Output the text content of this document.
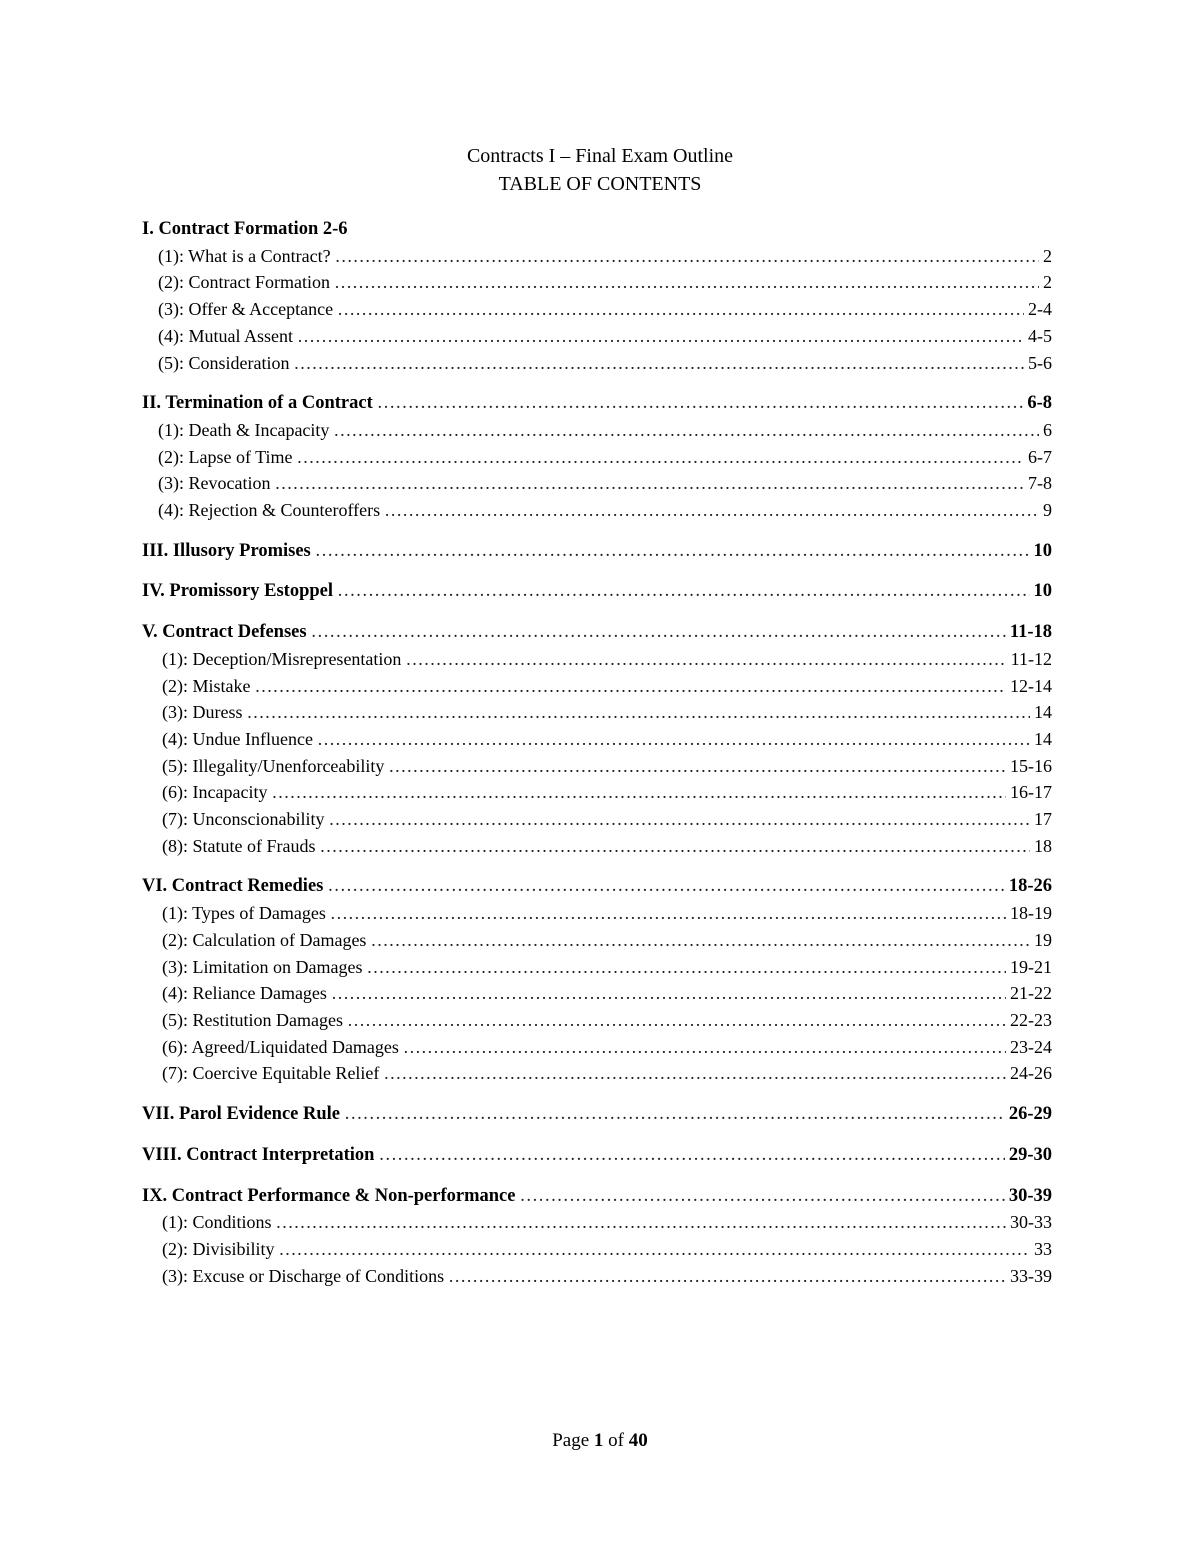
Contracts I – Final Exam Outline
TABLE OF CONTENTS
I. Contract Formation 2-6
(1): What is a Contract? …………………………………………………………………………………………………………………………………………………………………………………	2
(2): Contract Formation …………………………………………………………………………………………………………………………………………………………………………………	2
(3): Offer & Acceptance …………………………………………………………………………………………………………………………………………………………………………………	2-4
(4): Mutual Assent …………………………………………………………………………………………………………………………………………………………………………………	4-5
(5): Consideration …………………………………………………………………………………………………………………………………………………………………………………	5-6
II. Termination of a Contract …………………………………………………………………………………………………………………………………………………………………………………	6-8
(1): Death & Incapacity …………………………………………………………………………………………………………………………………………………………………………………	6
(2): Lapse of Time …………………………………………………………………………………………………………………………………………………………………………………	6-7
(3): Revocation …………………………………………………………………………………………………………………………………………………………………………………	7-8
(4): Rejection & Counteroffers …………………………………………………………………………………………………………………………………………………………………………………	9
III. Illusory Promises …………………………………………………………………………………………………………………………………………………………………………………	10
IV. Promissory Estoppel …………………………………………………………………………………………………………………………………………………………………………………	10
V. Contract Defenses …………………………………………………………………………………………………………………………………………………………………………………	11-18
(1): Deception/Misrepresentation …………………………………………………………………………………………………………………………………………………………………………………	11-12
(2): Mistake …………………………………………………………………………………………………………………………………………………………………………………	12-14
(3): Duress …………………………………………………………………………………………………………………………………………………………………………………	14
(4): Undue Influence …………………………………………………………………………………………………………………………………………………………………………………	14
(5): Illegality/Unenforceability …………………………………………………………………………………………………………………………………………………………………………………	15-16
(6): Incapacity …………………………………………………………………………………………………………………………………………………………………………………	16-17
(7): Unconscionability …………………………………………………………………………………………………………………………………………………………………………………	17
(8): Statute of Frauds …………………………………………………………………………………………………………………………………………………………………………………	18
VI. Contract Remedies …………………………………………………………………………………………………………………………………………………………………………………	18-26
(1): Types of Damages …………………………………………………………………………………………………………………………………………………………………………………	18-19
(2): Calculation of Damages …………………………………………………………………………………………………………………………………………………………………………………	19
(3): Limitation on Damages …………………………………………………………………………………………………………………………………………………………………………………	19-21
(4): Reliance Damages …………………………………………………………………………………………………………………………………………………………………………………	21-22
(5): Restitution Damages …………………………………………………………………………………………………………………………………………………………………………………	22-23
(6): Agreed/Liquidated Damages …………………………………………………………………………………………………………………………………………………………………………………	23-24
(7): Coercive Equitable Relief …………………………………………………………………………………………………………………………………………………………………………………	24-26
VII. Parol Evidence Rule …………………………………………………………………………………………………………………………………………………………………………………	26-29
VIII. Contract Interpretation …………………………………………………………………………………………………………………………………………………………………………………	29-30
IX. Contract Performance & Non-performance …………………………………………………………………………………………………………………………………………………………………………………	30-39
(1): Conditions …………………………………………………………………………………………………………………………………………………………………………………	30-33
(2): Divisibility …………………………………………………………………………………………………………………………………………………………………………………	33
(3): Excuse or Discharge of Conditions …………………………………………………………………………………………………………………………………………………………………………………	33-39
Page 1 of 40
